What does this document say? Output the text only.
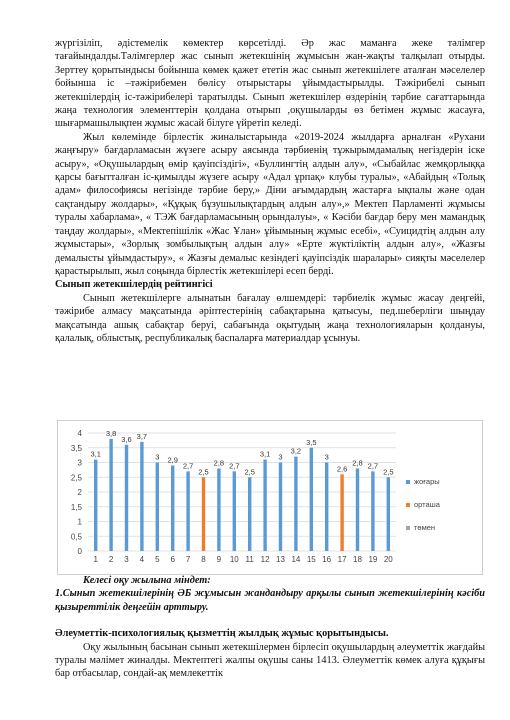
жүргізіліп, әдістемелік көмектер көрсетілді. Әр жас маманға жеке тәлімгер тағайындалды.Тәлімгерлер жас сынып жетекшінің жұмысын жан-жақты талқылап отырды. Зерттеу қорытындысы бойынша көмек қажет ететін жас сынып жетекшілеге аталған мәселелер бойынша іс –тәжірибемен бөлісу отырыстары ұйымдастырылды. Тәжірибелі сынып жетекшілердің іс-тәжірибелері таратылды. Сынып жетекшілер өздерінің тәрбие сағаттарында жаңа технология элементтерін қолдана отырып ,оқушыларды өз бетімен жұмыс жасауға, шығармашылықпен жұмыс жасай білуге үйретіп келеді.

Жыл көлемінде бірлестік жиналыстарында «2019-2024 жылдарға арналған «Рухани жаңғыру» бағдарламасын жүзеге асыру аясында тәрбиенің тұжырымдамалық негіздерін іске асыру», «Оқушылардың өмір қауіпсіздігі», «Буллингтің алдын алу», «Сыбайлас жемқорлыққа қарсы бағытталған іс-қимылды жүзеге асыру «Адал ұрпақ» клубы туралы», «Абайдың «Толық адам» философиясы негізінде тәрбие беру,» Діни ағымдардың жастарға ықпалы және одан сақтандыру жолдары», «Құқық бұзушылықтардың алдын алу»,» Мектеп Парламенті жұмысы туралы хабарлама», « ТЭЖ бағдарламасының орындалуы», « Кәсіби бағдар беру мен мамандық таңдау жолдары», «Мектепішілік «Жас Ұлан» ұйымының жұмыс есебі», «Суицидтің алдын алу жұмыстары», «Зорлық зомбылықтың алдын алу» «Ерте жүктіліктің алдын алу», «Жазғы демалысты ұйымдастыру», « Жазғы демалыс кезіндегі қауіпсіздік шаралары» сияқты мәселелер қарастырылып, жыл соңында бірлестік жетекшілері есеп берді.

Сынып жетекшілердің рейтингісі

Сынып жетекшілерге алынатын бағалау өлшемдері: тәрбиелік жұмыс жасау деңгейі, тәжірибе алмасу мақсатында әріптестерінің сабақтарына қатысуы, пед.шеберліги шыңдау мақсатында ашық сабақтар беруі, сабағында оқытудың жаңа технологияларын қолдануы, қалалық, облыстық, республикалық баспаларға материалдар ұсынуы.

0
0,5
1
1,5
2
2,5
3
3,5
4
1
3,1
2
3,8
3
3,6
4
3,7
5
3
6
2,9
7
2,7
8
2,5
9
2,8
10
2,7
11
2,5
12
3,1
13
3
14
3,2
15
3,5
16
3
17
2,6
18
2,8
19
2,7
20
2,5
жоғары
орташа
төмен

Келесі оқу жылына міндет:

1.Сынып жетекшілерінің ӘБ жұмысын жандандыру арқылы сынып жетекшілерінің кәсіби қызыреттілік деңгейін арттыру.

Әлеуметтік-психологиялық қызметтің жылдық жұмыс қорытындысы.

Оқу жылының басынан сынып жетекшілермен бірлесіп оқушылардың әлеуметтік жағдайы туралы мәлімет жиналды. Мектептегі жалпы оқушы саны 1413. Әлеуметтік көмек алуға құқығы бар отбасылар, сондай-ақ мемлекеттік
